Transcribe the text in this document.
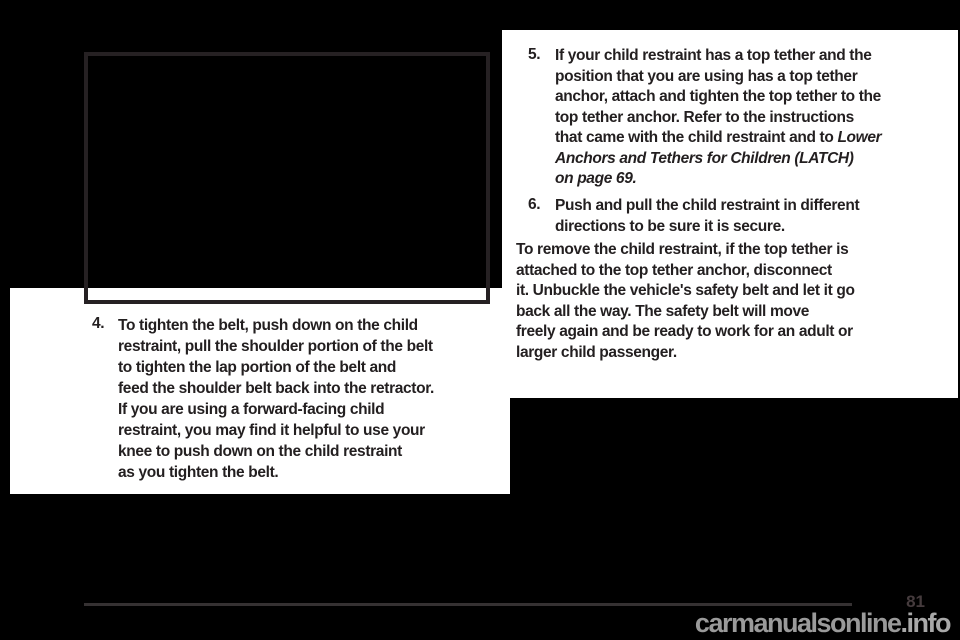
4. To tighten the belt, push down on the child
restraint, pull the shoulder portion of the belt
to tighten the lap portion of the belt and
feed the shoulder belt back into the retractor.
If you are using a forward-facing child
restraint, you may find it helpful to use your
knee to push down on the child restraint
as you tighten the belt.
5. If your child restraint has a top tether and the
position that you are using has a top tether
anchor, attach and tighten the top tether to the
top tether anchor. Refer to the instructions
that came with the child restraint and to Lower
Anchors and Tethers for Children (LATCH)
on page 69.
6. Push and pull the child restraint in different
directions to be sure it is secure.
To remove the child restraint, if the top tether is
attached to the top tether anchor, disconnect
it. Unbuckle the vehicle's safety belt and let it go
back all the way. The safety belt will move
freely again and be ready to work for an adult or
larger child passenger.
81
carmanualsonline.info
